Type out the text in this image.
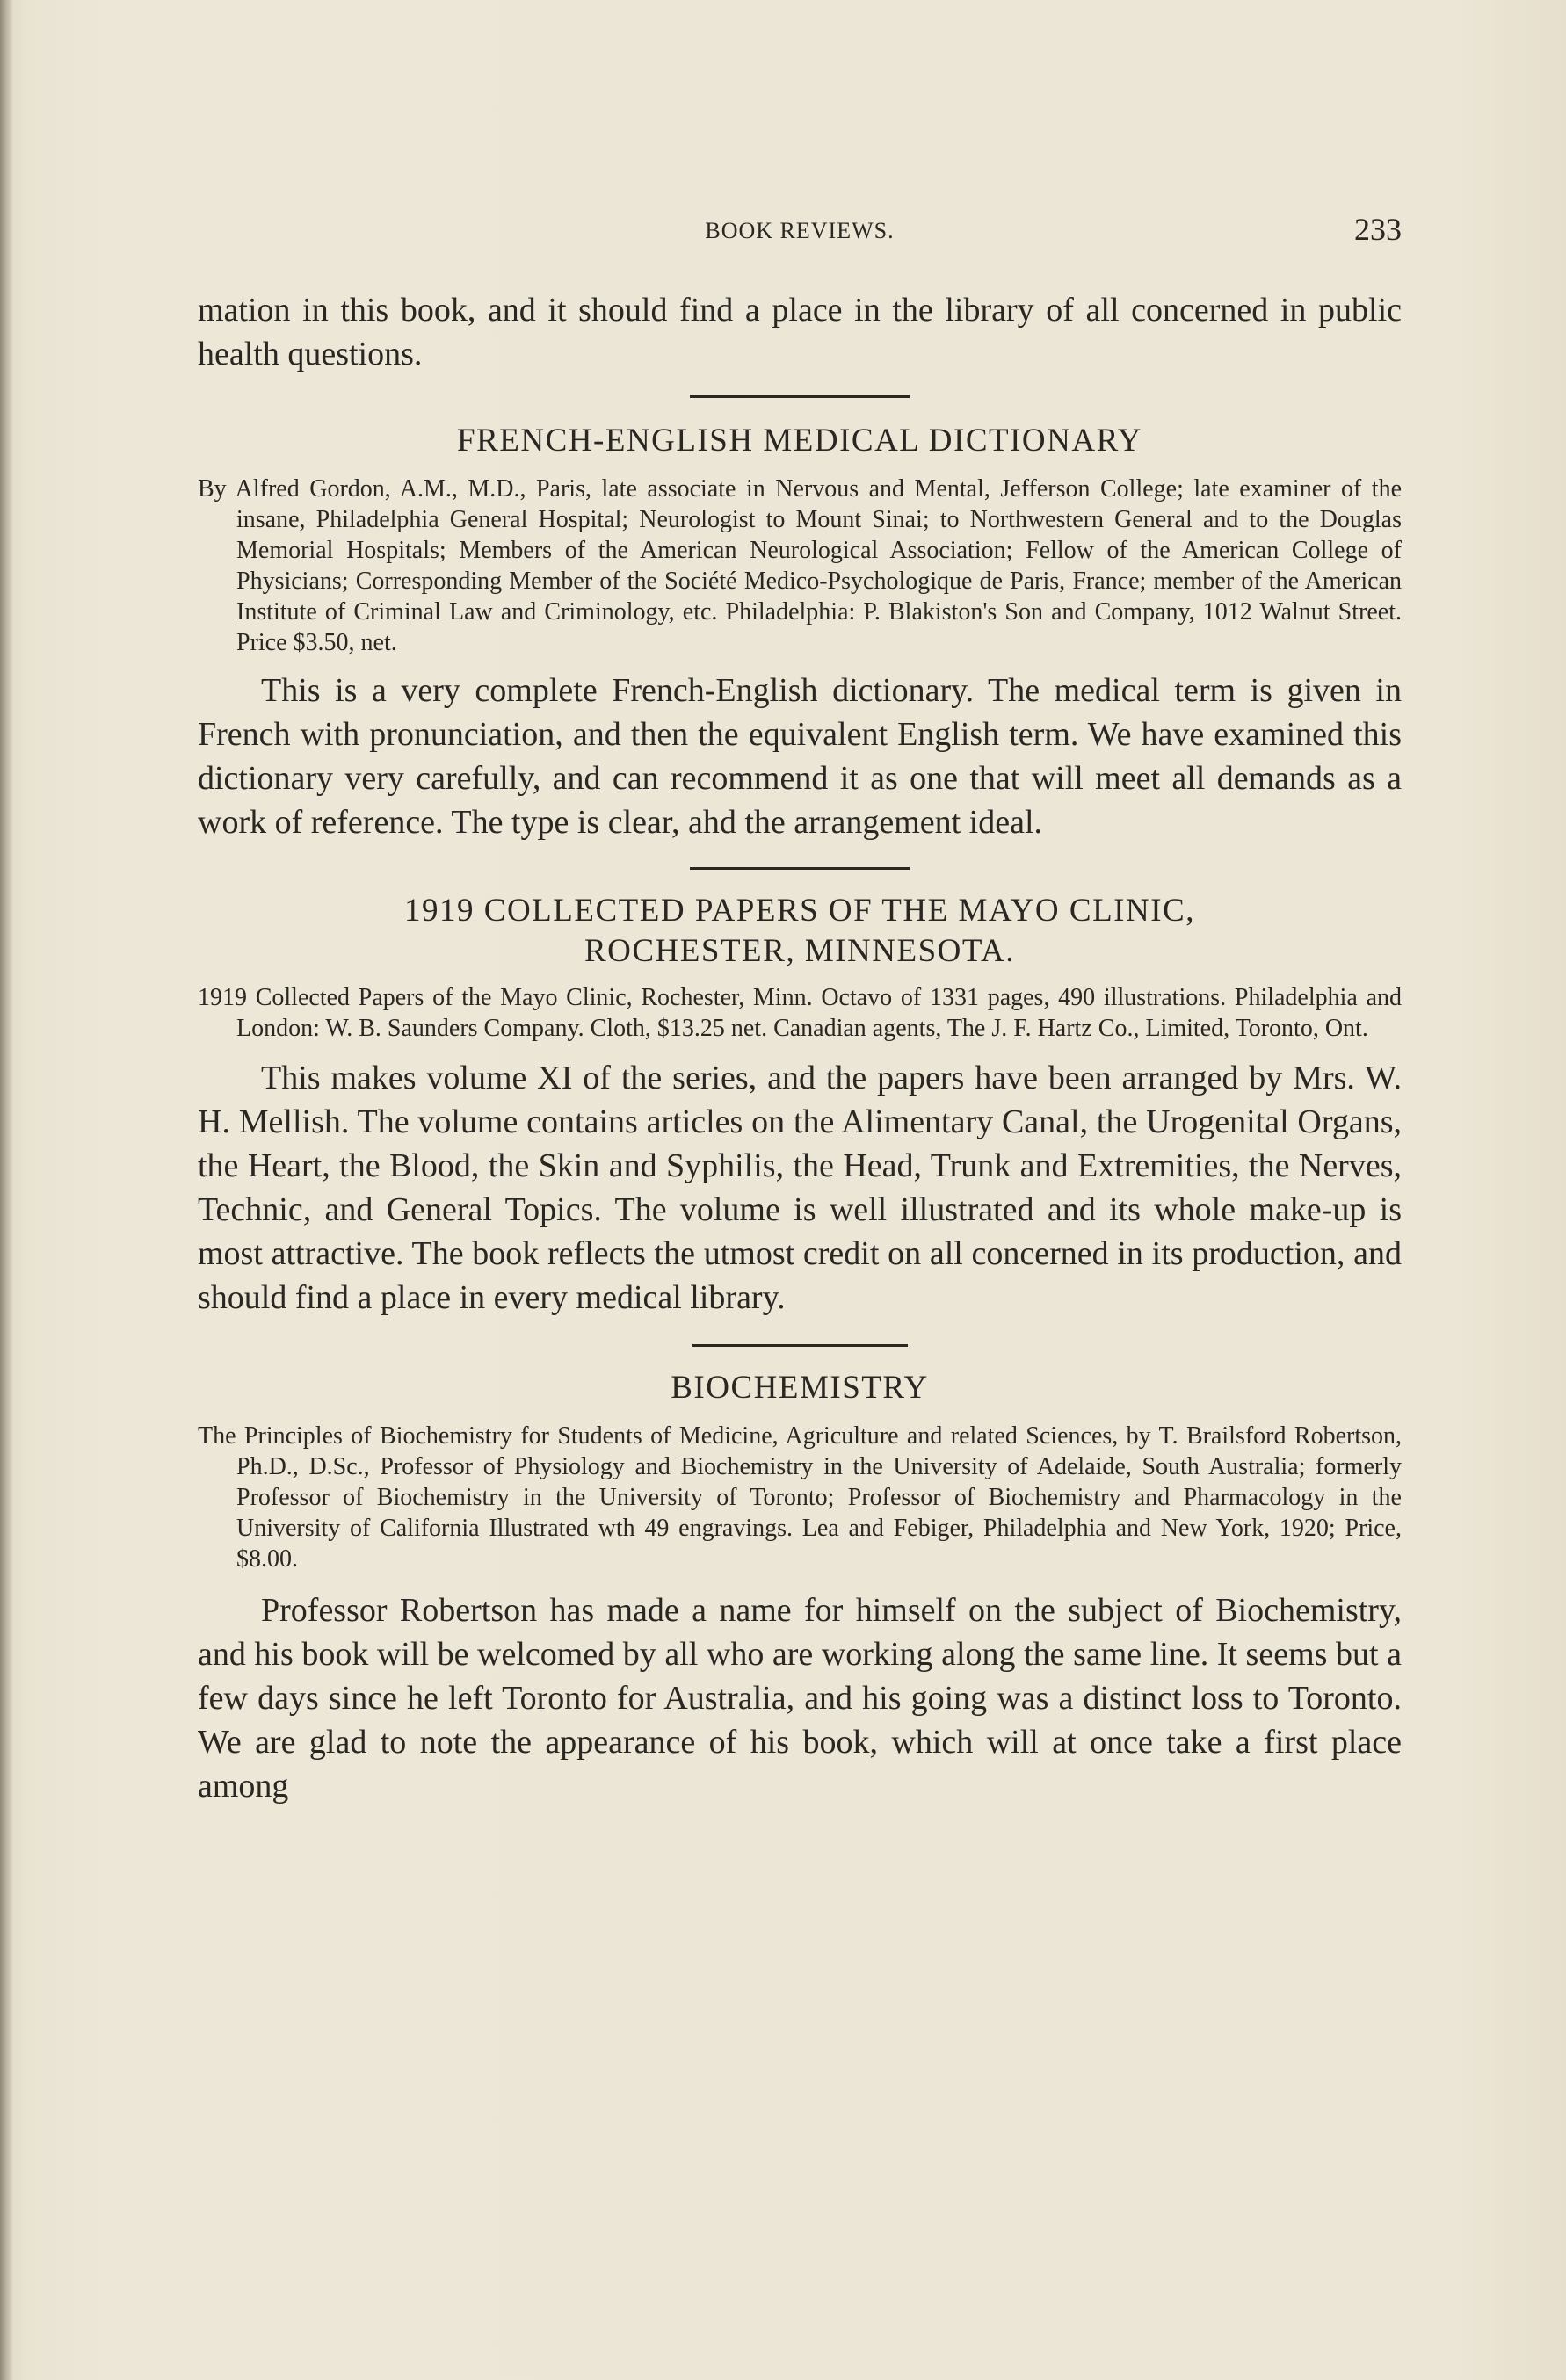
BOOK REVIEWS.	233

mation in this book, and it should find a place in the library of all concerned in public health questions.

FRENCH-ENGLISH MEDICAL DICTIONARY

By Alfred Gordon, A.M., M.D., Paris, late associate in Nervous and Mental, Jefferson College; late examiner of the insane, Philadelphia General Hospital; Neurologist to Mount Sinai; to Northwestern General and to the Douglas Memorial Hospitals; Members of the American Neurological Association; Fellow of the American College of Physicians; Corresponding Member of the Société Medico-Psychologique de Paris, France; member of the American Institute of Criminal Law and Criminology, etc. Philadelphia: P. Blakiston's Son and Company, 1012 Walnut Street. Price $3.50, net.

This is a very complete French-English dictionary. The medical term is given in French with pronunciation, and then the equivalent English term. We have examined this dictionary very carefully, and can recommend it as one that will meet all demands as a work of reference. The type is clear, ahd the arrangement ideal.

1919 COLLECTED PAPERS OF THE MAYO CLINIC,
ROCHESTER, MINNESOTA.

1919 Collected Papers of the Mayo Clinic, Rochester, Minn. Octavo of 1331 pages, 490 illustrations. Philadelphia and London: W. B. Saunders Company. Cloth, $13.25 net. Canadian agents, The J. F. Hartz Co., Limited, Toronto, Ont.

This makes volume XI of the series, and the papers have been arranged by Mrs. W. H. Mellish. The volume contains articles on the Alimentary Canal, the Urogenital Organs, the Heart, the Blood, the Skin and Syphilis, the Head, Trunk and Extremities, the Nerves, Technic, and General Topics. The volume is well illustrated and its whole make-up is most attractive. The book reflects the utmost credit on all concerned in its production, and should find a place in every medical library.

BIOCHEMISTRY

The Principles of Biochemistry for Students of Medicine, Agriculture and related Sciences, by T. Brailsford Robertson, Ph.D., D.Sc., Professor of Physiology and Biochemistry in the University of Adelaide, South Australia; formerly Professor of Biochemistry in the University of Toronto; Professor of Biochemistry and Pharmacology in the University of California Illustrated wth 49 engravings. Lea and Febiger, Philadelphia and New York, 1920; Price, $8.00.

Professor Robertson has made a name for himself on the subject of Biochemistry, and his book will be welcomed by all who are working along the same line. It seems but a few days since he left Toronto for Australia, and his going was a distinct loss to Toronto. We are glad to note the appearance of his book, which will at once take a first place among
